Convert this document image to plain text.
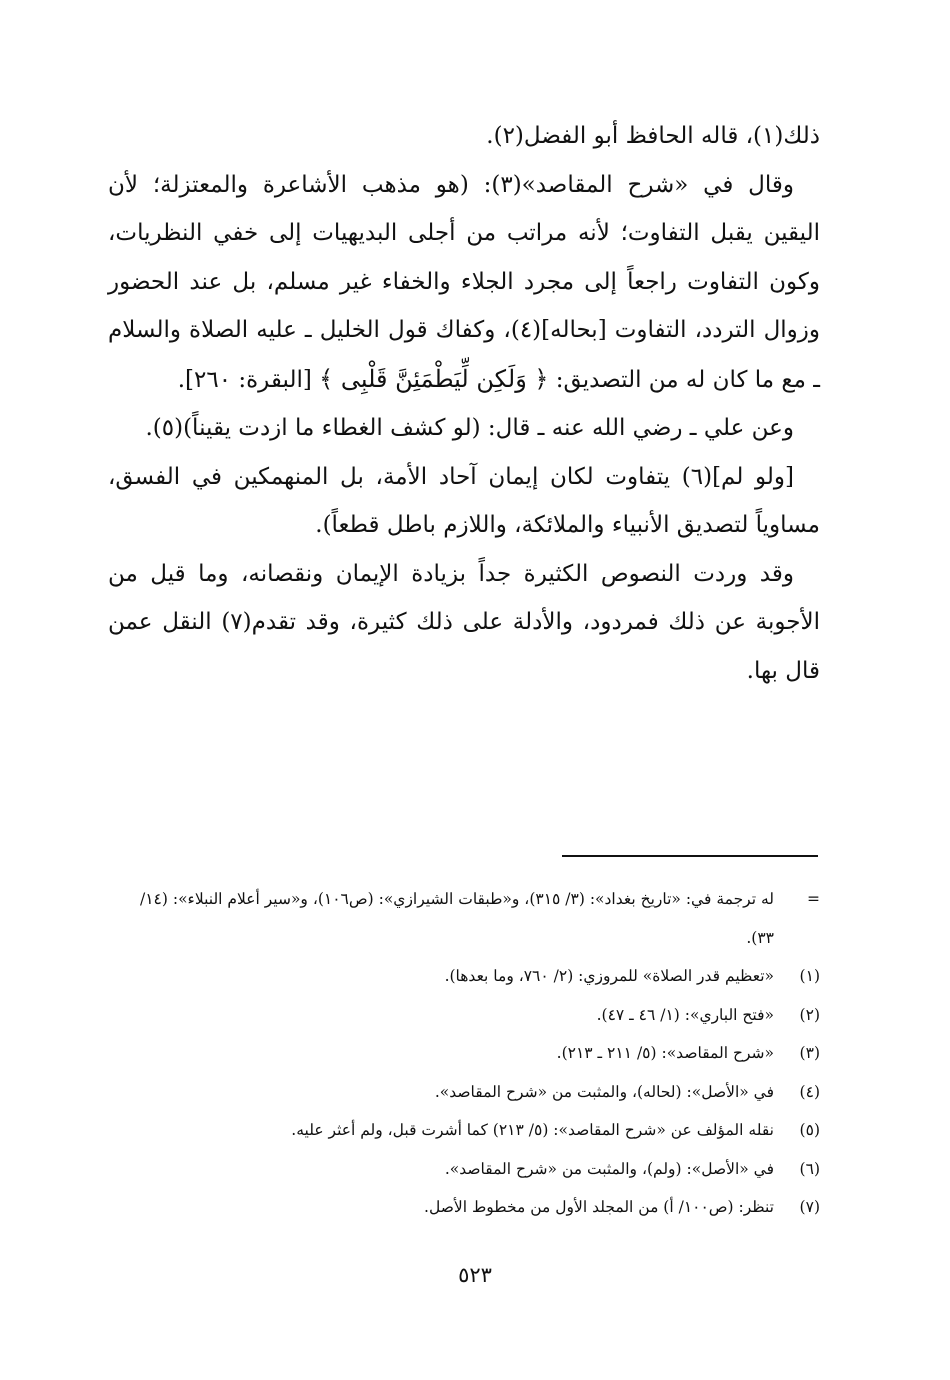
ذلك(١)، قاله الحافظ أبو الفضل(٢).

وقال في «شرح المقاصد»(٣): (هو مذهب الأشاعرة والمعتزلة؛ لأن اليقين يقبل التفاوت؛ لأنه مراتب من أجلى البديهيات إلى خفي النظريات، وكون التفاوت راجعاً إلى مجرد الجلاء والخفاء غير مسلم، بل عند الحضور وزوال التردد، التفاوت [بحاله](٤)، وكفاك قول الخليل ـ عليه الصلاة والسلام ـ مع ما كان له من التصديق: ﴿ وَلَكِن لِّيَطْمَئِنَّ قَلْبِى ﴾ [البقرة: ٢٦٠].

وعن علي ـ رضي الله عنه ـ قال: (لو كشف الغطاء ما ازدت يقيناً)(٥).

[ولو لم](٦) يتفاوت لكان إيمان آحاد الأمة، بل المنهمكين في الفسق، مساوياً لتصديق الأنبياء والملائكة، واللازم باطل قطعاً).

وقد وردت النصوص الكثيرة جداً بزيادة الإيمان ونقصانه، وما قيل من الأجوبة عن ذلك فمردود، والأدلة على ذلك كثيرة، وقد تقدم(٧) النقل عمن قال بها.

=
له ترجمة في: «تاريخ بغداد»: (٣/ ٣١٥)، و«طبقات الشيرازي»: (ص١٠٦)، و«سير أعلام النبلاء»: (١٤/ ٣٣).
(١)
«تعظيم قدر الصلاة» للمروزي: (٢/ ٧٦٠، وما بعدها).
(٢)
«فتح الباري»: (١/ ٤٦ ـ ٤٧).
(٣)
«شرح المقاصد»: (٥/ ٢١١ ـ ٢١٣).
(٤)
في «الأصل»: (لحاله)، والمثبت من «شرح المقاصد».
(٥)
نقله المؤلف عن «شرح المقاصد»: (٥/ ٢١٣) كما أشرت قبل، ولم أعثر عليه.
(٦)
في «الأصل»: (ولم)، والمثبت من «شرح المقاصد».
(٧)
تنظر: (ص١٠٠/ أ) من المجلد الأول من مخطوط الأصل.
٥٢٣
